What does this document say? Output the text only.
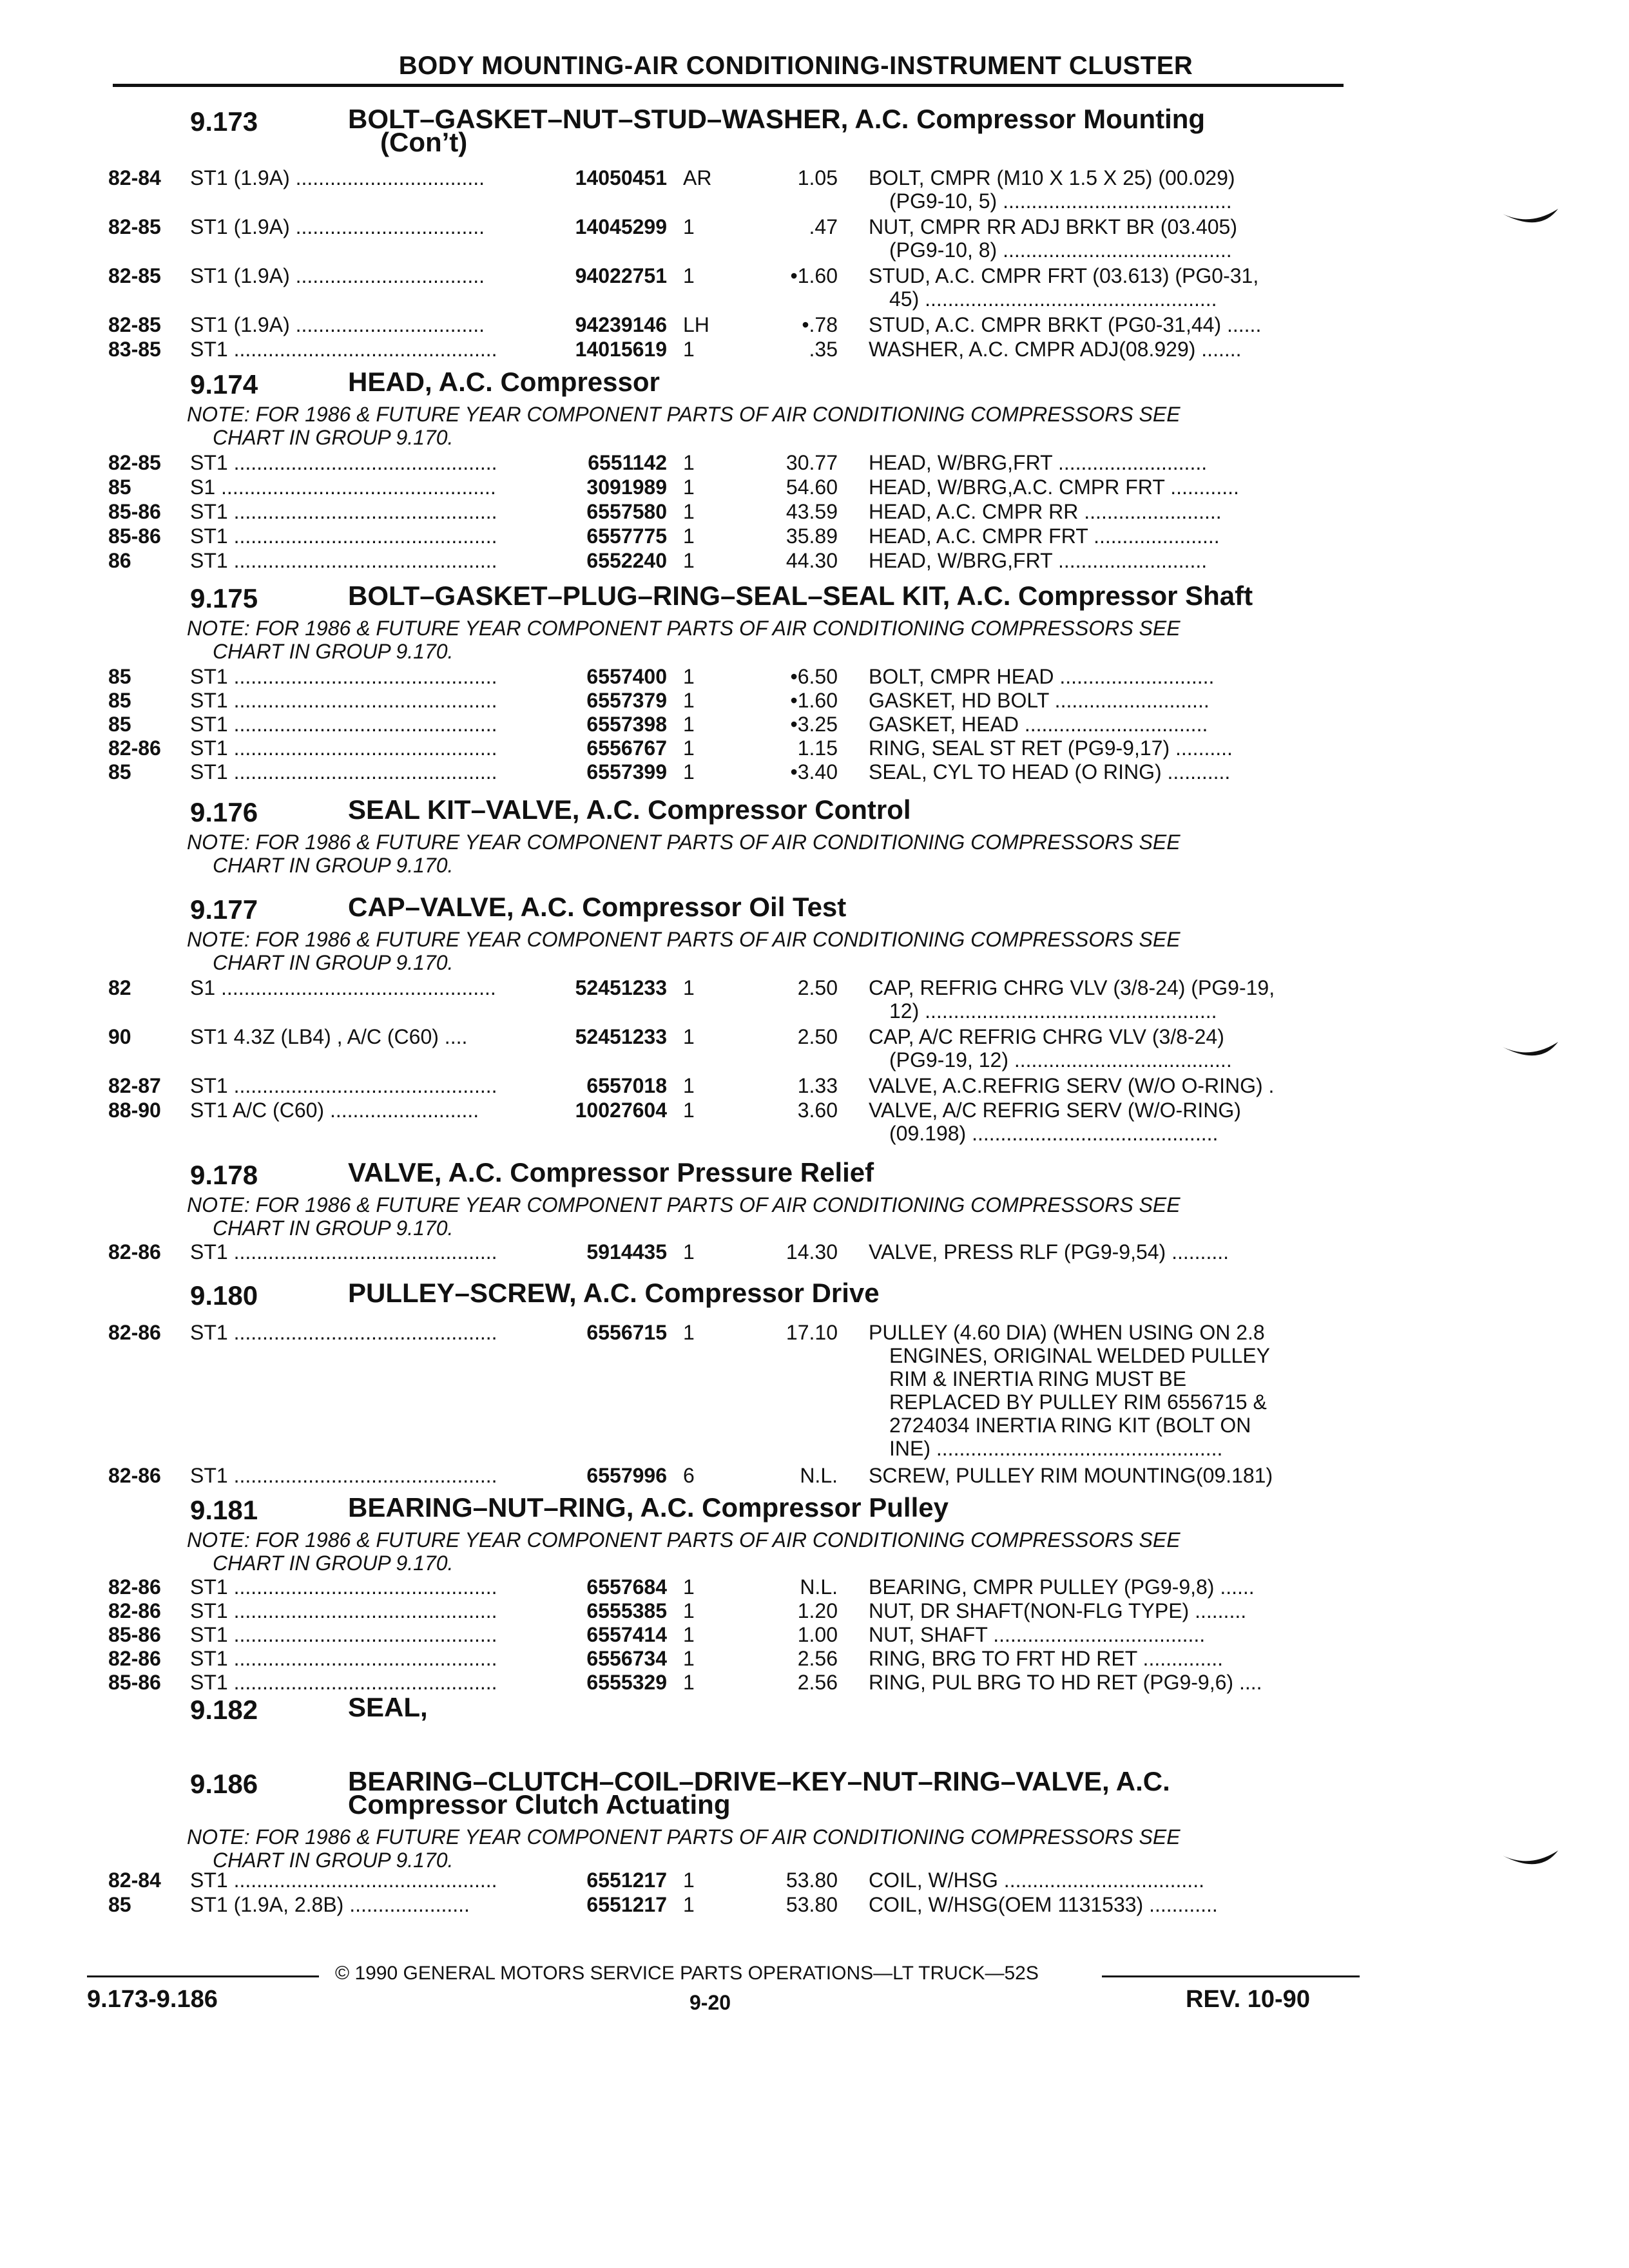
BODY MOUNTING-AIR CONDITIONING-INSTRUMENT CLUSTER
9.173	BOLT–GASKET–NUT–STUD–WASHER, A.C. Compressor Mounting
(Con’t)
82-84 ST1 (1.9A) .................................	14050451 AR	1.05 BOLT, CMPR (M10 X 1.5 X 25) (00.029)
(PG9-10, 5) ........................................
82-85 ST1 (1.9A) .................................	14045299 1	.47 NUT, CMPR RR ADJ BRKT BR (03.405)
(PG9-10, 8) ........................................
82-85 ST1 (1.9A) .................................	94022751 1	•1.60 STUD, A.C. CMPR FRT (03.613) (PG0-31,
45) ...................................................
82-85 ST1 (1.9A) .................................	94239146 LH	•.78 STUD, A.C. CMPR BRKT (PG0-31,44) ......
83-85 ST1 ..............................................	14015619 1	.35 WASHER, A.C. CMPR ADJ(08.929) .......
9.174	HEAD, A.C. Compressor
NOTE: FOR 1986 & FUTURE YEAR COMPONENT PARTS OF AIR CONDITIONING COMPRESSORS SEE
CHART IN GROUP 9.170.
82-85 ST1 ..............................................	6551142 1	30.77 HEAD, W/BRG,FRT ..........................
85	S1 ................................................	3091989 1	54.60 HEAD, W/BRG,A.C. CMPR FRT ............
85-86 ST1 ..............................................	6557580 1	43.59 HEAD, A.C. CMPR RR ........................
85-86 ST1 ..............................................	6557775 1	35.89 HEAD, A.C. CMPR FRT ......................
86	ST1 ..............................................	6552240 1	44.30 HEAD, W/BRG,FRT ..........................
9.175	BOLT–GASKET–PLUG–RING–SEAL–SEAL KIT, A.C. Compressor Shaft
NOTE: FOR 1986 & FUTURE YEAR COMPONENT PARTS OF AIR CONDITIONING COMPRESSORS SEE
CHART IN GROUP 9.170.
85	ST1 ..............................................	6557400 1	•6.50 BOLT, CMPR HEAD ...........................
85	ST1 ..............................................	6557379 1	•1.60 GASKET, HD BOLT ...........................
85	ST1 ..............................................	6557398 1	•3.25 GASKET, HEAD ................................
82-86 ST1 ..............................................	6556767 1	1.15 RING, SEAL ST RET (PG9-9,17) ..........
85	ST1 ..............................................	6557399 1	•3.40 SEAL, CYL TO HEAD (O RING) ...........
9.176	SEAL KIT–VALVE, A.C. Compressor Control
NOTE: FOR 1986 & FUTURE YEAR COMPONENT PARTS OF AIR CONDITIONING COMPRESSORS SEE
CHART IN GROUP 9.170.
9.177	CAP–VALVE, A.C. Compressor Oil Test
NOTE: FOR 1986 & FUTURE YEAR COMPONENT PARTS OF AIR CONDITIONING COMPRESSORS SEE
CHART IN GROUP 9.170.
82	S1 ................................................	52451233 1	2.50 CAP, REFRIG CHRG VLV (3/8-24) (PG9-19,
12) ...................................................
90	ST1 4.3Z (LB4) , A/C (C60) ....	52451233 1	2.50 CAP, A/C REFRIG CHRG VLV (3/8-24)
(PG9-19, 12) ......................................
82-87 ST1 ..............................................	6557018 1	1.33 VALVE, A.C.REFRIG SERV (W/O O-RING) .
88-90 ST1 A/C (C60) ..........................	10027604 1	3.60 VALVE, A/C REFRIG SERV (W/O-RING)
(09.198) ...........................................
9.178	VALVE, A.C. Compressor Pressure Relief
NOTE: FOR 1986 & FUTURE YEAR COMPONENT PARTS OF AIR CONDITIONING COMPRESSORS SEE
CHART IN GROUP 9.170.
82-86 ST1 ..............................................	5914435 1	14.30 VALVE, PRESS RLF (PG9-9,54) ..........
9.180	PULLEY–SCREW, A.C. Compressor Drive
82-86 ST1 ..............................................	6556715 1	17.10 PULLEY (4.60 DIA) (WHEN USING ON 2.8
ENGINES, ORIGINAL WELDED PULLEY
RIM & INERTIA RING MUST BE
REPLACED BY PULLEY RIM 6556715 &
2724034 INERTIA RING KIT (BOLT ON
INE) ..................................................
82-86 ST1 ..............................................	6557996 6	N.L. SCREW, PULLEY RIM MOUNTING(09.181)
9.181	BEARING–NUT–RING, A.C. Compressor Pulley
NOTE: FOR 1986 & FUTURE YEAR COMPONENT PARTS OF AIR CONDITIONING COMPRESSORS SEE
CHART IN GROUP 9.170.
82-86 ST1 ..............................................	6557684 1	N.L. BEARING, CMPR PULLEY (PG9-9,8) ......
82-86 ST1 ..............................................	6555385 1	1.20 NUT, DR SHAFT(NON-FLG TYPE) .........
85-86 ST1 ..............................................	6557414 1	1.00 NUT, SHAFT .....................................
82-86 ST1 ..............................................	6556734 1	2.56 RING, BRG TO FRT HD RET ..............
85-86 ST1 ..............................................	6555329 1	2.56 RING, PUL BRG TO HD RET (PG9-9,6) ....
9.182	SEAL,
9.186	BEARING–CLUTCH–COIL–DRIVE–KEY–NUT–RING–VALVE, A.C.
Compressor Clutch Actuating
NOTE: FOR 1986 & FUTURE YEAR COMPONENT PARTS OF AIR CONDITIONING COMPRESSORS SEE
CHART IN GROUP 9.170.
82-84 ST1 ..............................................	6551217 1	53.80 COIL, W/HSG ...................................
85	ST1 (1.9A, 2.8B) .....................	6551217 1	53.80 COIL, W/HSG(OEM 1131533) ............
© 1990 GENERAL MOTORS SERVICE PARTS OPERATIONS—LT TRUCK—52S
9.173-9.186	9-20	REV. 10-90
